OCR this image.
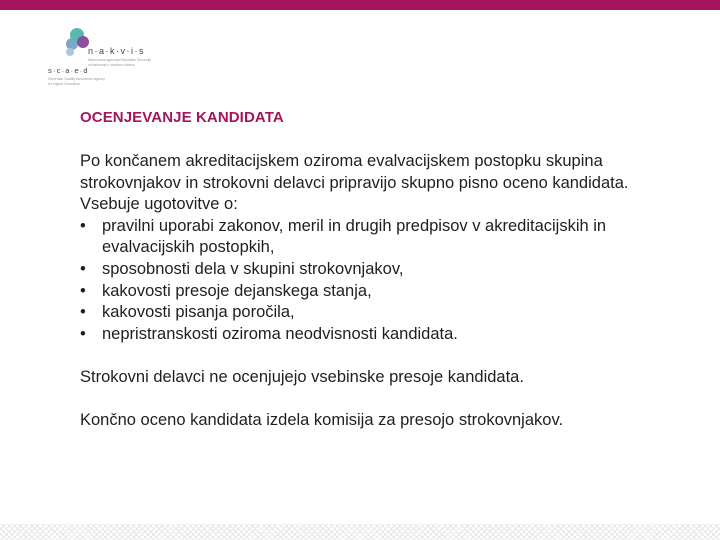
n·a·k·v·i·s
Nacionalna agencija Republike Slovenije
za kakovost v visokem šolstvu
s·c·a·e·d
Slovenian Quality Assurance Agency
for Higher Education
OCENJEVANJE KANDIDATA

Po končanem akreditacijskem oziroma evalvacijskem postopku skupina strokovnjakov in strokovni delavci pripravijo skupno pisno oceno kandidata. Vsebuje ugotovitve o:

• pravilni uporabi zakonov, meril in drugih predpisov v akreditacijskih in evalvacijskih postopkih,
• sposobnosti dela v skupini strokovnjakov,
• kakovosti presoje dejanskega stanja,
• kakovosti pisanja poročila,
• nepristranskosti oziroma neodvisnosti kandidata.

Strokovni delavci ne ocenjujejo vsebinske presoje kandidata.

Končno oceno kandidata izdela komisija za presojo strokovnjakov.
